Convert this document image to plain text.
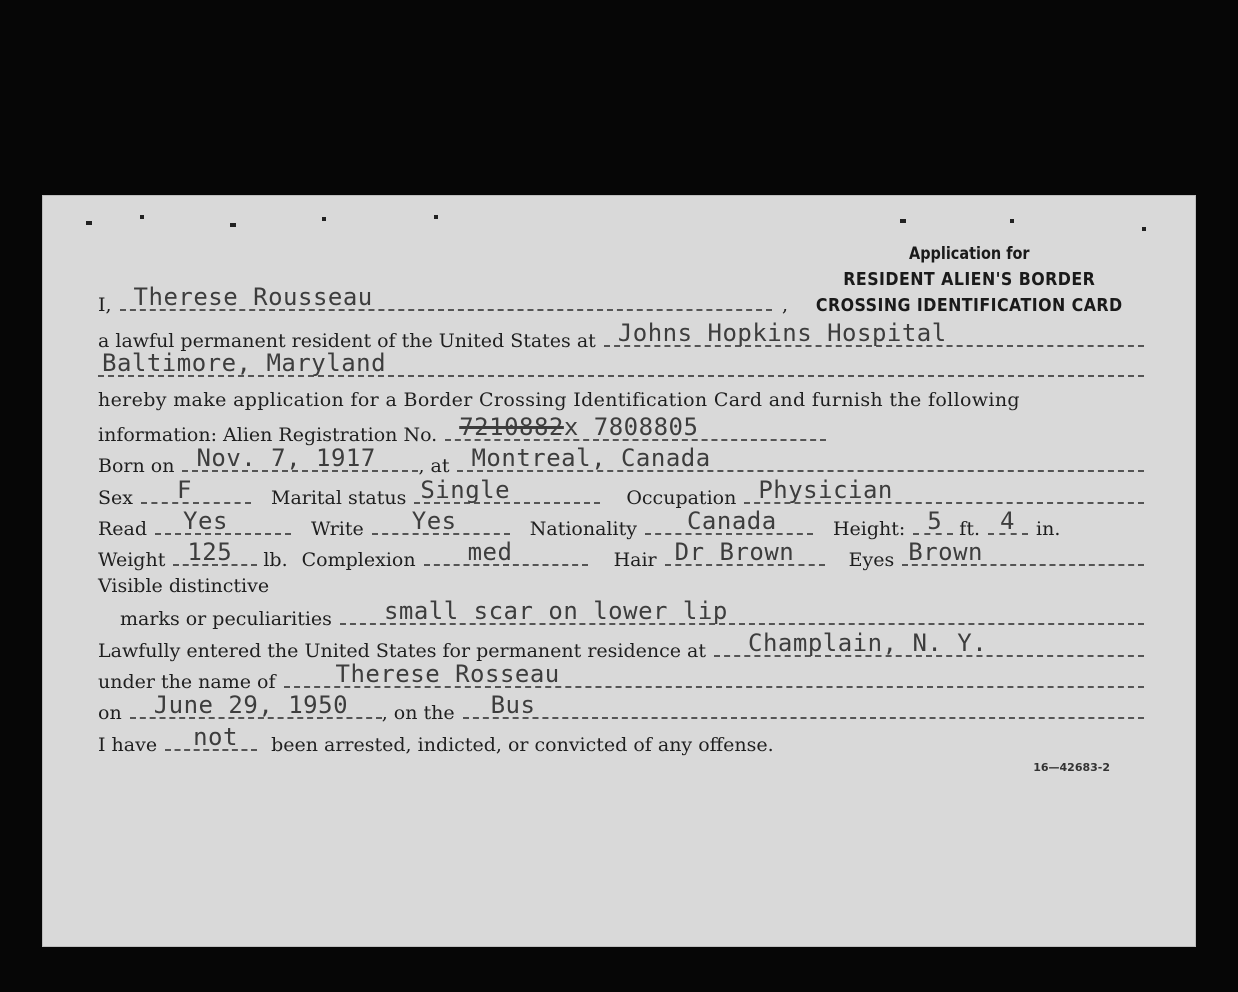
Application for
RESIDENT ALIEN'S BORDER
CROSSING IDENTIFICATION CARD
I, Therese Rousseau	,
a lawful permanent resident of the United States at Johns Hopkins Hospital
Baltimore, Maryland
hereby make application for a Border Crossing Identification Card and furnish the following
information: Alien Registration No. 7210882x 7808805
Born on Nov. 7, 1917 , at Montreal, Canada
Sex	F	Marital status Single	Occupation Physician
Read	Yes	Write	Yes	Nationality	Canada	Height: 5 ft. 4 in.
Weight 125 lb. Complexion	med	Hair Dr Brown	Eyes Brown
Visible distinctive
marks or peculiarities	small scar on lower lip
Lawfully entered the United States for permanent residence at	Champlain, N. Y.
under the name of	Therese Rosseau
on	June 29, 1950 , on the	Bus
I have	not been arrested, indicted, or convicted of any offense.
16—42683-2
